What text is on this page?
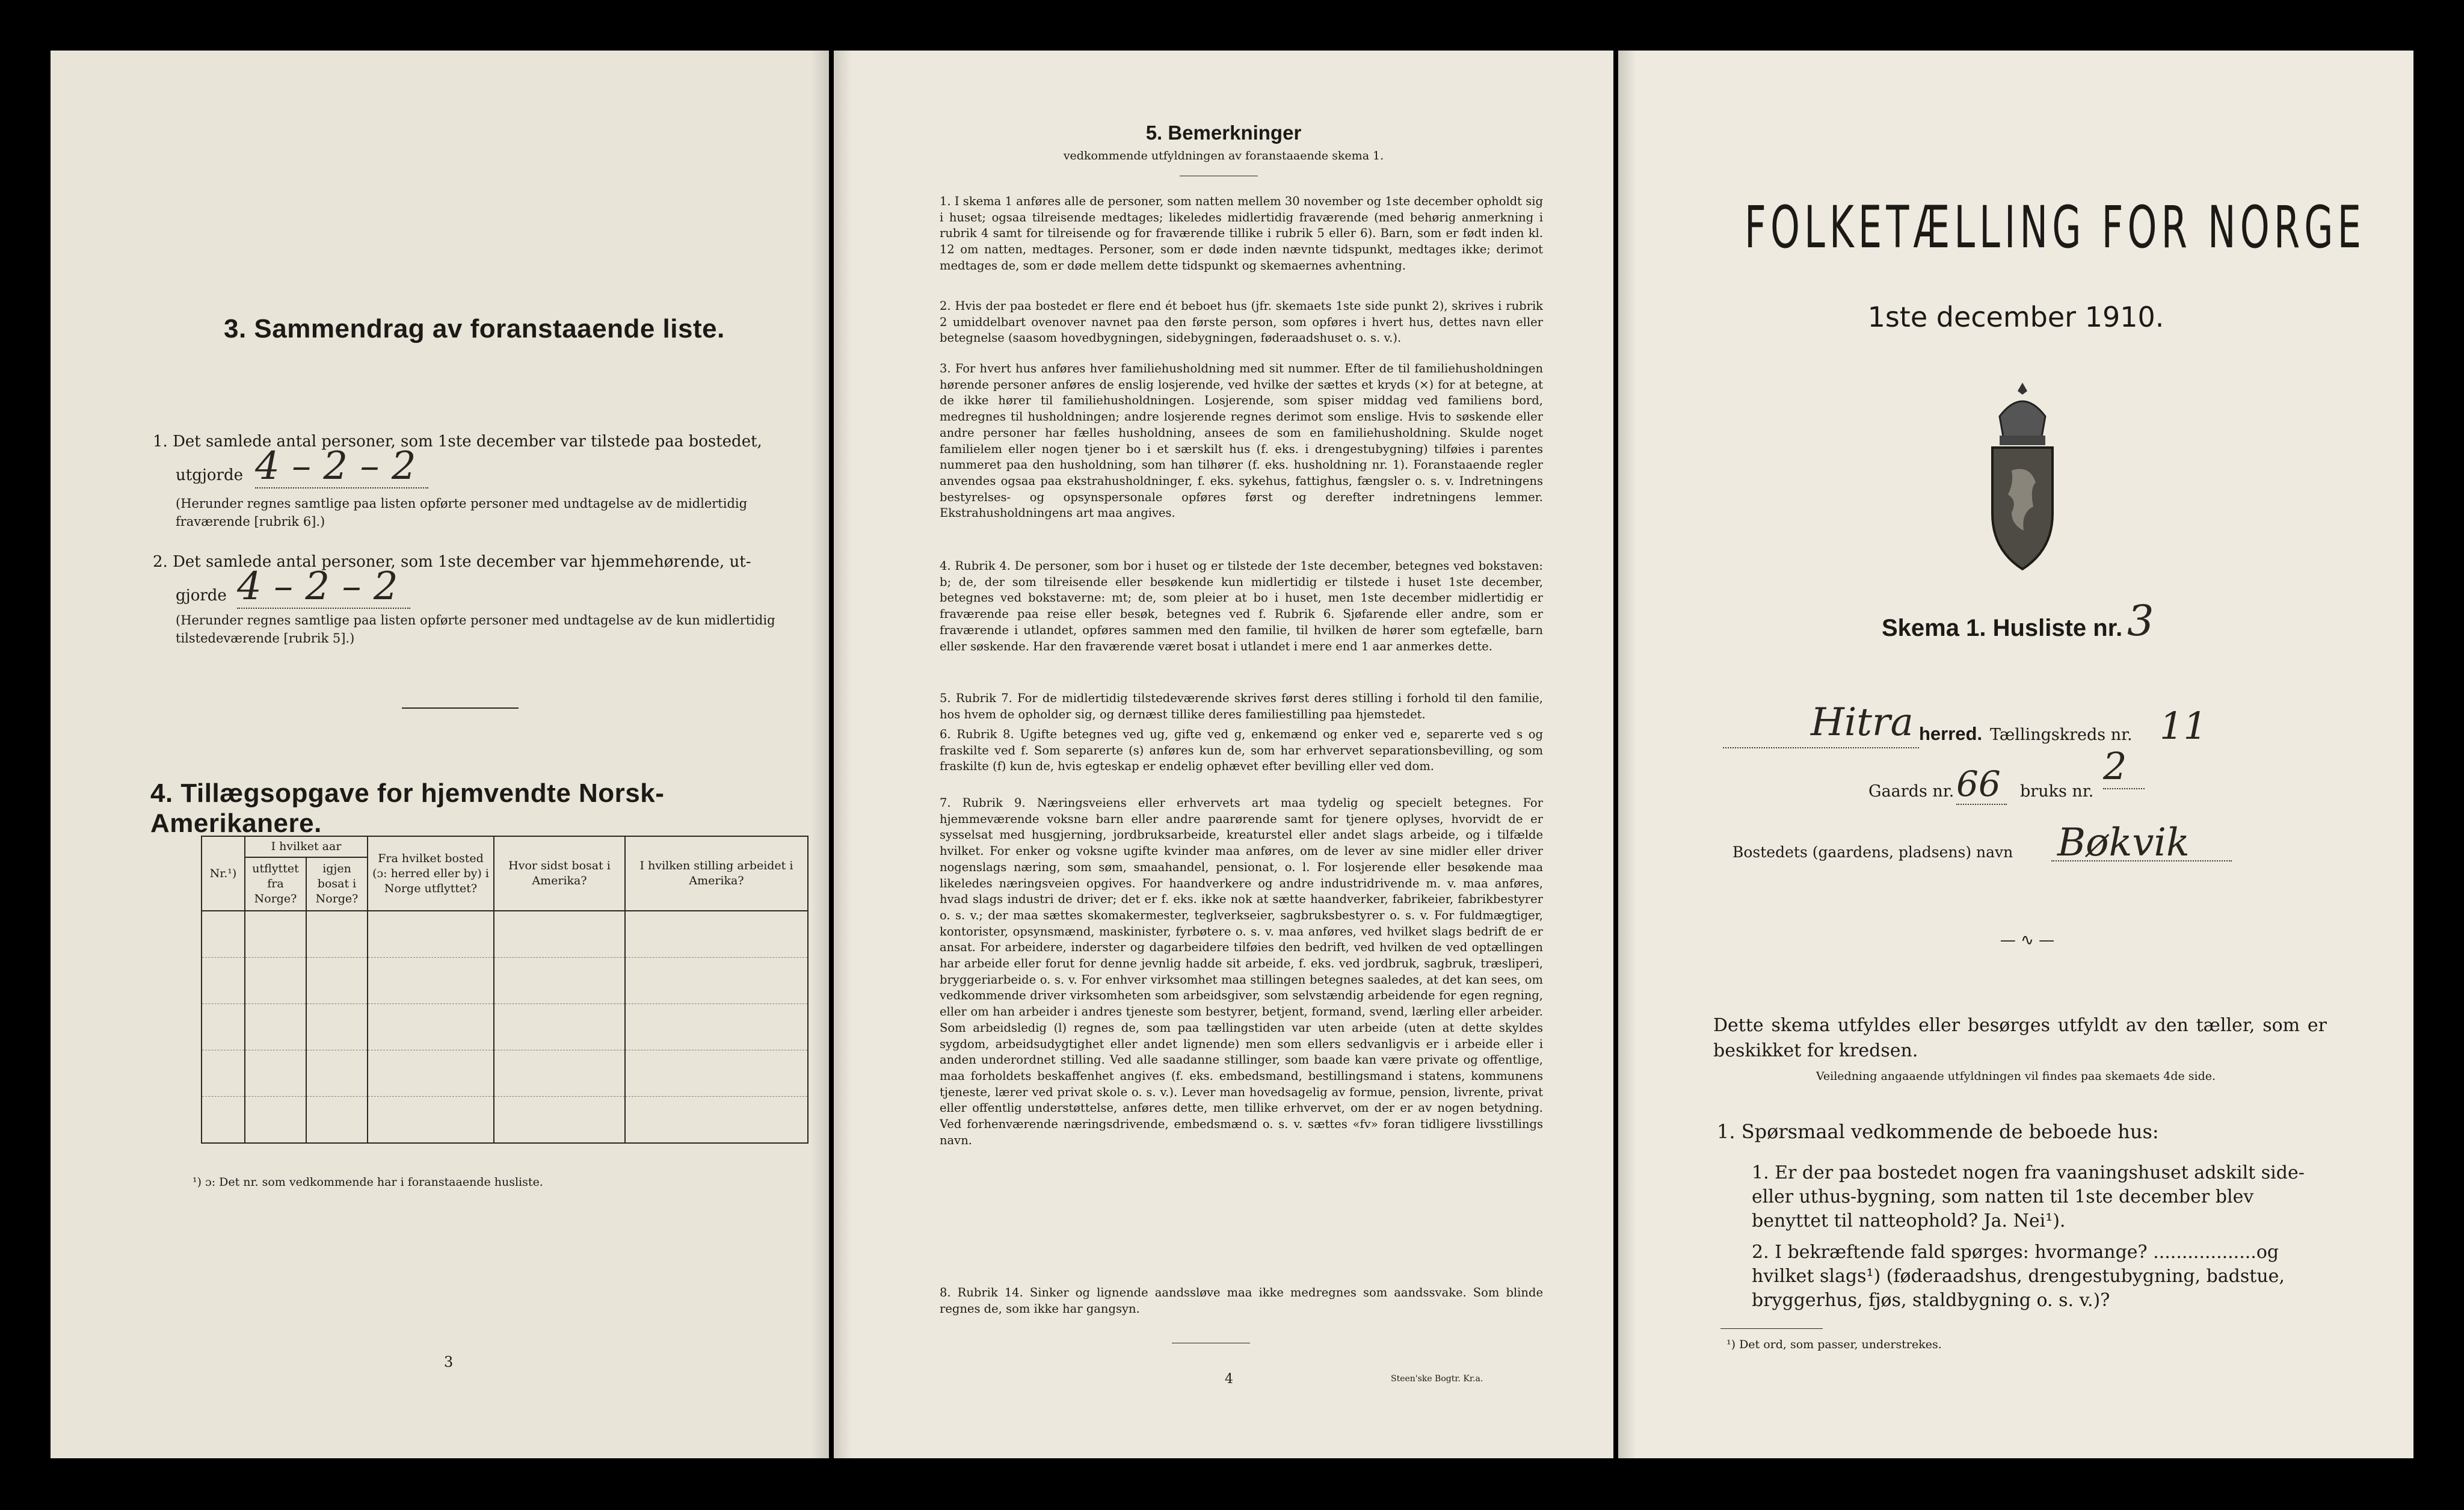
3. Sammendrag av foranstaaende liste.
1. Det samlede antal personer, som 1ste december var tilstede paa bostedet,
utgjorde 4 – 2 – 2
(Herunder regnes samtlige paa listen opførte personer med undtagelse av de midlertidig fraværende [rubrik 6].)
2. Det samlede antal personer, som 1ste december var hjemmehørende, ut-
gjorde 4 – 2 – 2
(Herunder regnes samtlige paa listen opførte personer med undtagelse av de kun midlertidig tilstedeværende [rubrik 5].)
4. Tillægsopgave for hjemvendte Norsk-Amerikanere.
Nr.¹)	I hvilket aar		Fra hvilket bosted (ɔ: herred eller by) i Norge utflyttet?	Hvor sidst bosat i Amerika?	I hvilken stilling arbeidet i Amerika?
	utflyttet fra Norge?	igjen bosat i Norge?			

¹) ɔ: Det nr. som vedkommende har i foranstaaende husliste.
3
5. Bemerkninger
vedkommende utfyldningen av foranstaaende skema 1.
1. I skema 1 anføres alle de personer, som natten mellem 30 november og 1ste december opholdt sig i huset; ogsaa tilreisende medtages; likeledes midlertidig fraværende (med behørig anmerkning i rubrik 4 samt for tilreisende og for fraværende tillike i rubrik 5 eller 6). Barn, som er født inden kl. 12 om natten, medtages. Personer, som er døde inden nævnte tidspunkt, medtages ikke; derimot medtages de, som er døde mellem dette tidspunkt og skemaernes avhentning.
2. Hvis der paa bostedet er flere end ét beboet hus (jfr. skemaets 1ste side punkt 2), skrives i rubrik 2 umiddelbart ovenover navnet paa den første person, som opføres i hvert hus, dettes navn eller betegnelse (saasom hovedbygningen, sidebygningen, føderaadshuset o. s. v.).
3. For hvert hus anføres hver familiehusholdning med sit nummer. Efter de til familiehusholdningen hørende personer anføres de enslig losjerende, ved hvilke der sættes et kryds (×) for at betegne, at de ikke hører til familiehusholdningen. Losjerende, som spiser middag ved familiens bord, medregnes til husholdningen; andre losjerende regnes derimot som enslige. Hvis to søskende eller andre personer har fælles husholdning, ansees de som en familiehusholdning. Skulde noget familielem eller nogen tjener bo i et særskilt hus (f. eks. i drengestubygning) tilføies i parentes nummeret paa den husholdning, som han tilhører (f. eks. husholdning nr. 1). Foranstaaende regler anvendes ogsaa paa ekstrahusholdninger, f. eks. sykehus, fattighus, fængsler o. s. v. Indretningens bestyrelses- og opsynspersonale opføres først og derefter indretningens lemmer. Ekstrahusholdningens art maa angives.
4. Rubrik 4. De personer, som bor i huset og er tilstede der 1ste december, betegnes ved bokstaven: b; de, der som tilreisende eller besøkende kun midlertidig er tilstede i huset 1ste december, betegnes ved bokstaverne: mt; de, som pleier at bo i huset, men 1ste december midlertidig er fraværende paa reise eller besøk, betegnes ved f. Rubrik 6. Sjøfarende eller andre, som er fraværende i utlandet, opføres sammen med den familie, til hvilken de hører som egtefælle, barn eller søskende. Har den fraværende været bosat i utlandet i mere end 1 aar anmerkes dette.
5. Rubrik 7. For de midlertidig tilstedeværende skrives først deres stilling i forhold til den familie, hos hvem de opholder sig, og dernæst tillike deres familiestilling paa hjemstedet.
6. Rubrik 8. Ugifte betegnes ved ug, gifte ved g, enkemænd og enker ved e, separerte ved s og fraskilte ved f. Som separerte (s) anføres kun de, som har erhvervet separationsbevilling, og som fraskilte (f) kun de, hvis egteskap er endelig ophævet efter bevilling eller ved dom.
7. Rubrik 9. Næringsveiens eller erhvervets art maa tydelig og specielt betegnes. For hjemmeværende voksne barn eller andre paarørende samt for tjenere oplyses, hvorvidt de er sysselsat med husgjerning, jordbruksarbeide, kreaturstel eller andet slags arbeide, og i tilfælde hvilket. For enker og voksne ugifte kvinder maa anføres, om de lever av sine midler eller driver nogenslags næring, som søm, smaahandel, pensionat, o. l. For losjerende eller besøkende maa likeledes næringsveien opgives. For haandverkere og andre industridrivende m. v. maa anføres, hvad slags industri de driver; det er f. eks. ikke nok at sætte haandverker, fabrikeier, fabrikbestyrer o. s. v.; der maa sættes skomakermester, teglverkseier, sagbruksbestyrer o. s. v. For fuldmægtiger, kontorister, opsynsmænd, maskinister, fyrbøtere o. s. v. maa anføres, ved hvilket slags bedrift de er ansat. For arbeidere, inderster og dagarbeidere tilføies den bedrift, ved hvilken de ved optællingen har arbeide eller forut for denne jevnlig hadde sit arbeide, f. eks. ved jordbruk, sagbruk, træsliperi, bryggeriarbeide o. s. v. For enhver virksomhet maa stillingen betegnes saaledes, at det kan sees, om vedkommende driver virksomheten som arbeidsgiver, som selvstændig arbeidende for egen regning, eller om han arbeider i andres tjeneste som bestyrer, betjent, formand, svend, lærling eller arbeider. Som arbeidsledig (l) regnes de, som paa tællingstiden var uten arbeide (uten at dette skyldes sygdom, arbeidsudygtighet eller andet lignende) men som ellers sedvanligvis er i arbeide eller i anden underordnet stilling. Ved alle saadanne stillinger, som baade kan være private og offentlige, maa forholdets beskaffenhet angives (f. eks. embedsmand, bestillingsmand i statens, kommunens tjeneste, lærer ved privat skole o. s. v.). Lever man hovedsagelig av formue, pension, livrente, privat eller offentlig understøttelse, anføres dette, men tillike erhvervet, om der er av nogen betydning. Ved forhenværende næringsdrivende, embedsmænd o. s. v. sættes «fv» foran tidligere livsstillings navn.
8. Rubrik 14. Sinker og lignende aandssløve maa ikke medregnes som aandssvake. Som blinde regnes de, som ikke har gangsyn.
4	Steen'ske Bogtr. Kr.a.
FOLKETÆLLING FOR NORGE
1ste december 1910.
Skema 1. Husliste nr. 3
Hitra herred. Tællingskreds nr. 11
Gaards nr. 66	bruks nr.
2
Bostedets (gaardens, pladsens) navn Bøkvik
— ∿ —
Dette skema utfyldes eller besørges utfyldt av den tæller, som er beskikket for kredsen.
Veiledning angaaende utfyldningen vil findes paa skemaets 4de side.
1. Spørsmaal vedkommende de beboede hus:
1. Er der paa bostedet nogen fra vaaningshuset adskilt side- eller uthus-bygning, som natten til 1ste december blev benyttet til natteophold? Ja. Nei¹).
2. I bekræftende fald spørges: hvormange? ..................og hvilket slags¹) (føderaadshus, drengestubygning, badstue, bryggerhus, fjøs, staldbygning o. s. v.)?
¹) Det ord, som passer, understrekes.
